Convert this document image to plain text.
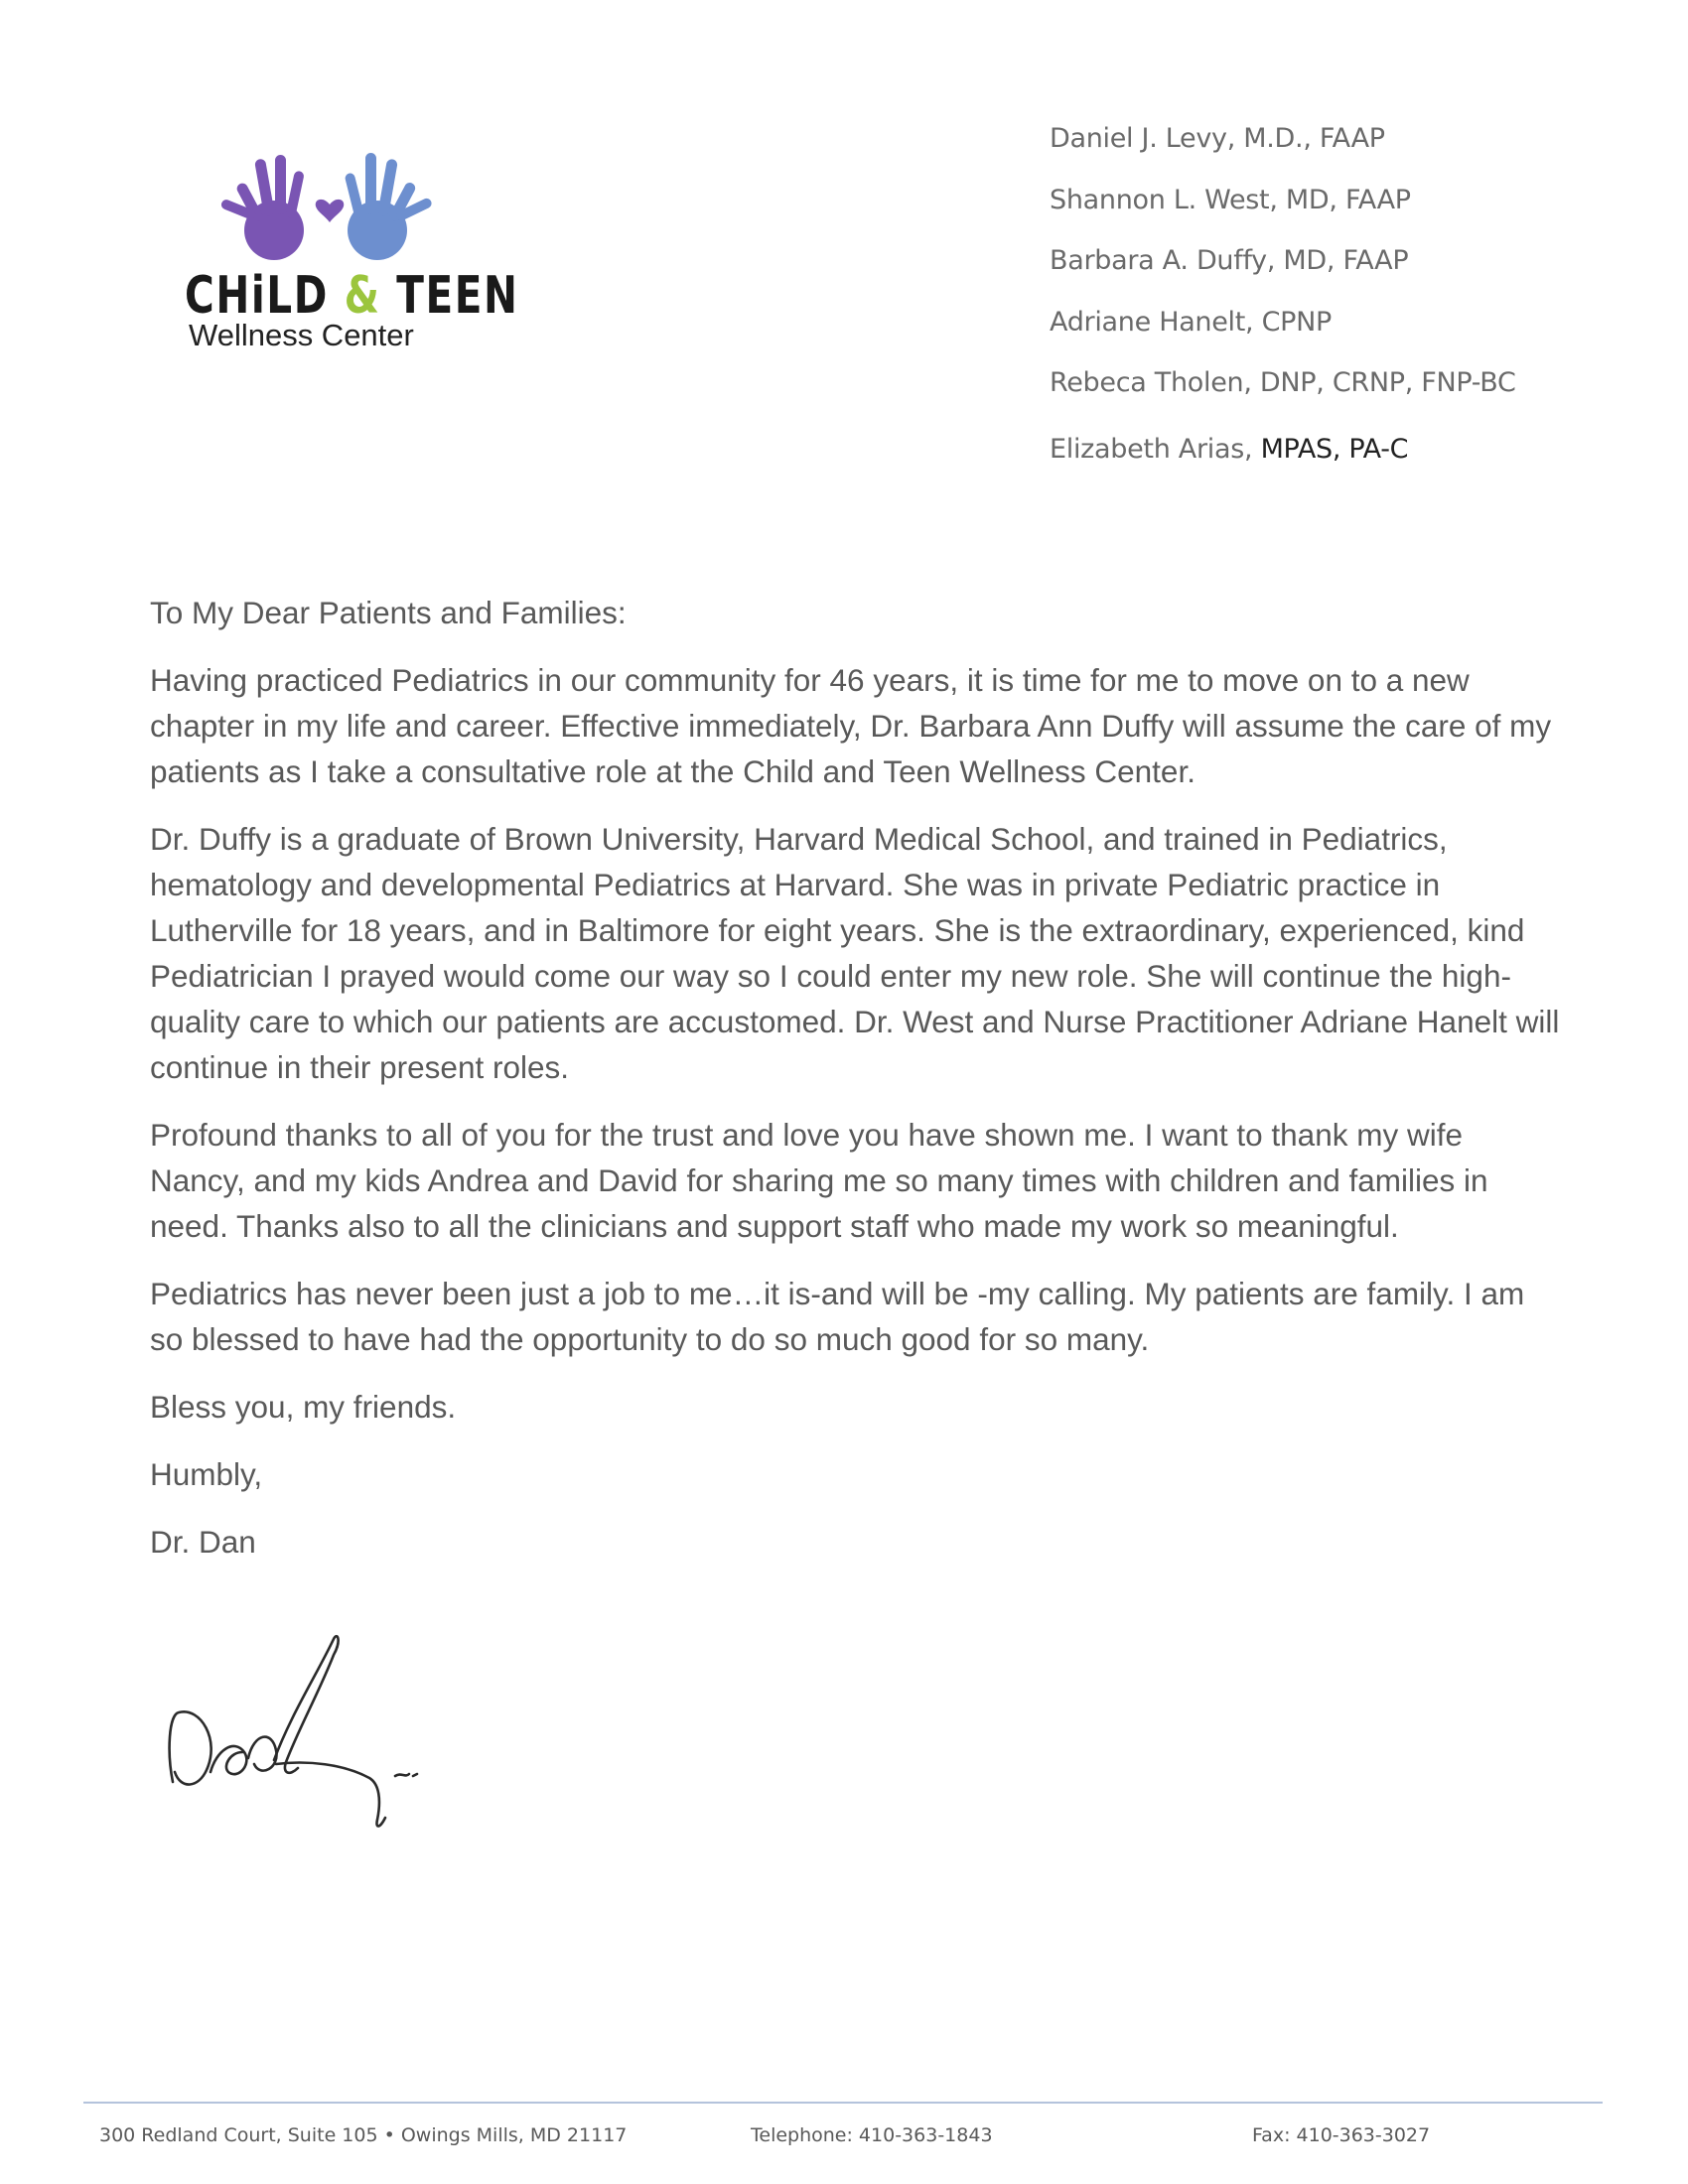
CHiLD & TEEN
Wellness Center
Daniel J. Levy, M.D., FAAP
Shannon L. West, MD, FAAP
Barbara A. Duffy, MD, FAAP
Adriane Hanelt, CPNP
Rebeca Tholen, DNP, CRNP, FNP-BC
Elizabeth Arias, MPAS, PA-C

To My Dear Patients and Families:

Having practiced Pediatrics in our community for 46 years, it is time for me to move on to a new chapter in my life and career. Effective immediately, Dr. Barbara Ann Duffy will assume the care of my patients as I take a consultative role at the Child and Teen Wellness Center.

Dr. Duffy is a graduate of Brown University, Harvard Medical School, and trained in Pediatrics, hematology and developmental Pediatrics at Harvard. She was in private Pediatric practice in Lutherville for 18 years, and in Baltimore for eight years. She is the extraordinary, experienced, kind Pediatrician I prayed would come our way so I could enter my new role. She will continue the high-quality care to which our patients are accustomed. Dr. West and Nurse Practitioner Adriane Hanelt will continue in their present roles.

Profound thanks to all of you for the trust and love you have shown me. I want to thank my wife Nancy, and my kids Andrea and David for sharing me so many times with children and families in need. Thanks also to all the clinicians and support staff who made my work so meaningful.

Pediatrics has never been just a job to me…it is-and will be -my calling. My patients are family. I am so blessed to have had the opportunity to do so much good for so many.

Bless you, my friends.

Humbly,

Dr. Dan

300 Redland Court, Suite 105 • Owings Mills, MD 21117	Telephone: 410-363-1843	Fax: 410-363-3027
